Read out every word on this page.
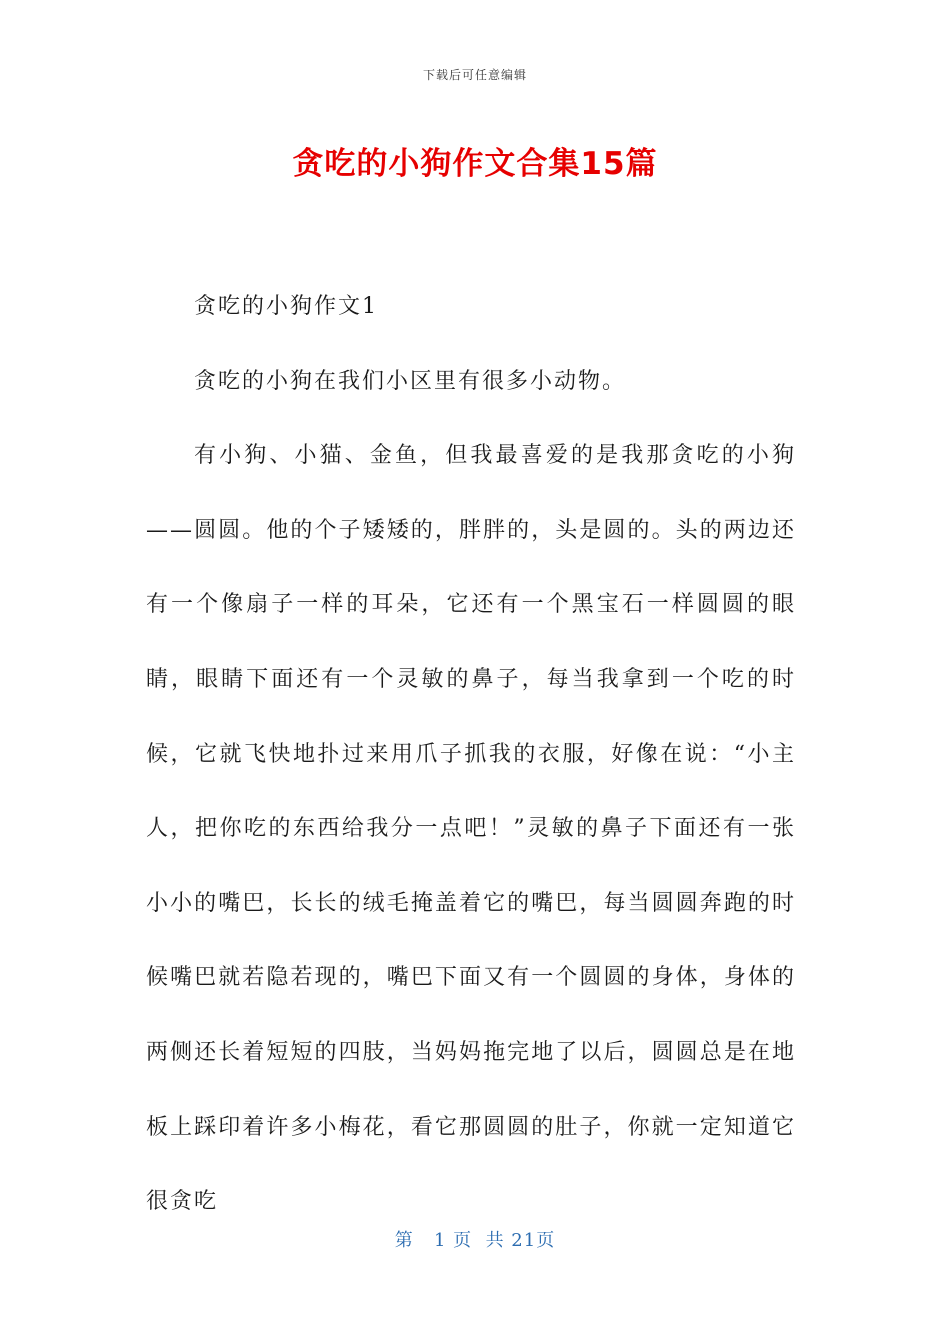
下载后可任意编辑
贪吃的小狗作文合集15篇

贪吃的小狗作文1

贪吃的小狗在我们小区里有很多小动物。

有小狗、小猫、金鱼，但我最喜爱的是我那贪吃的小狗——圆圆。他的个子矮矮的，胖胖的，头是圆的。头的两边还有一个像扇子一样的耳朵，它还有一个黑宝石一样圆圆的眼睛，眼睛下面还有一个灵敏的鼻子，每当我拿到一个吃的时候，它就飞快地扑过来用爪子抓我的衣服，好像在说：“小主人，把你吃的东西给我分一点吧！”灵敏的鼻子下面还有一张小小的嘴巴，长长的绒毛掩盖着它的嘴巴，每当圆圆奔跑的时候嘴巴就若隐若现的，嘴巴下面又有一个圆圆的身体，身体的两侧还长着短短的四肢，当妈妈拖完地了以后，圆圆总是在地板上踩印着许多小梅花，看它那圆圆的肚子，你就一定知道它很贪吃

第   1 页  共 21页
